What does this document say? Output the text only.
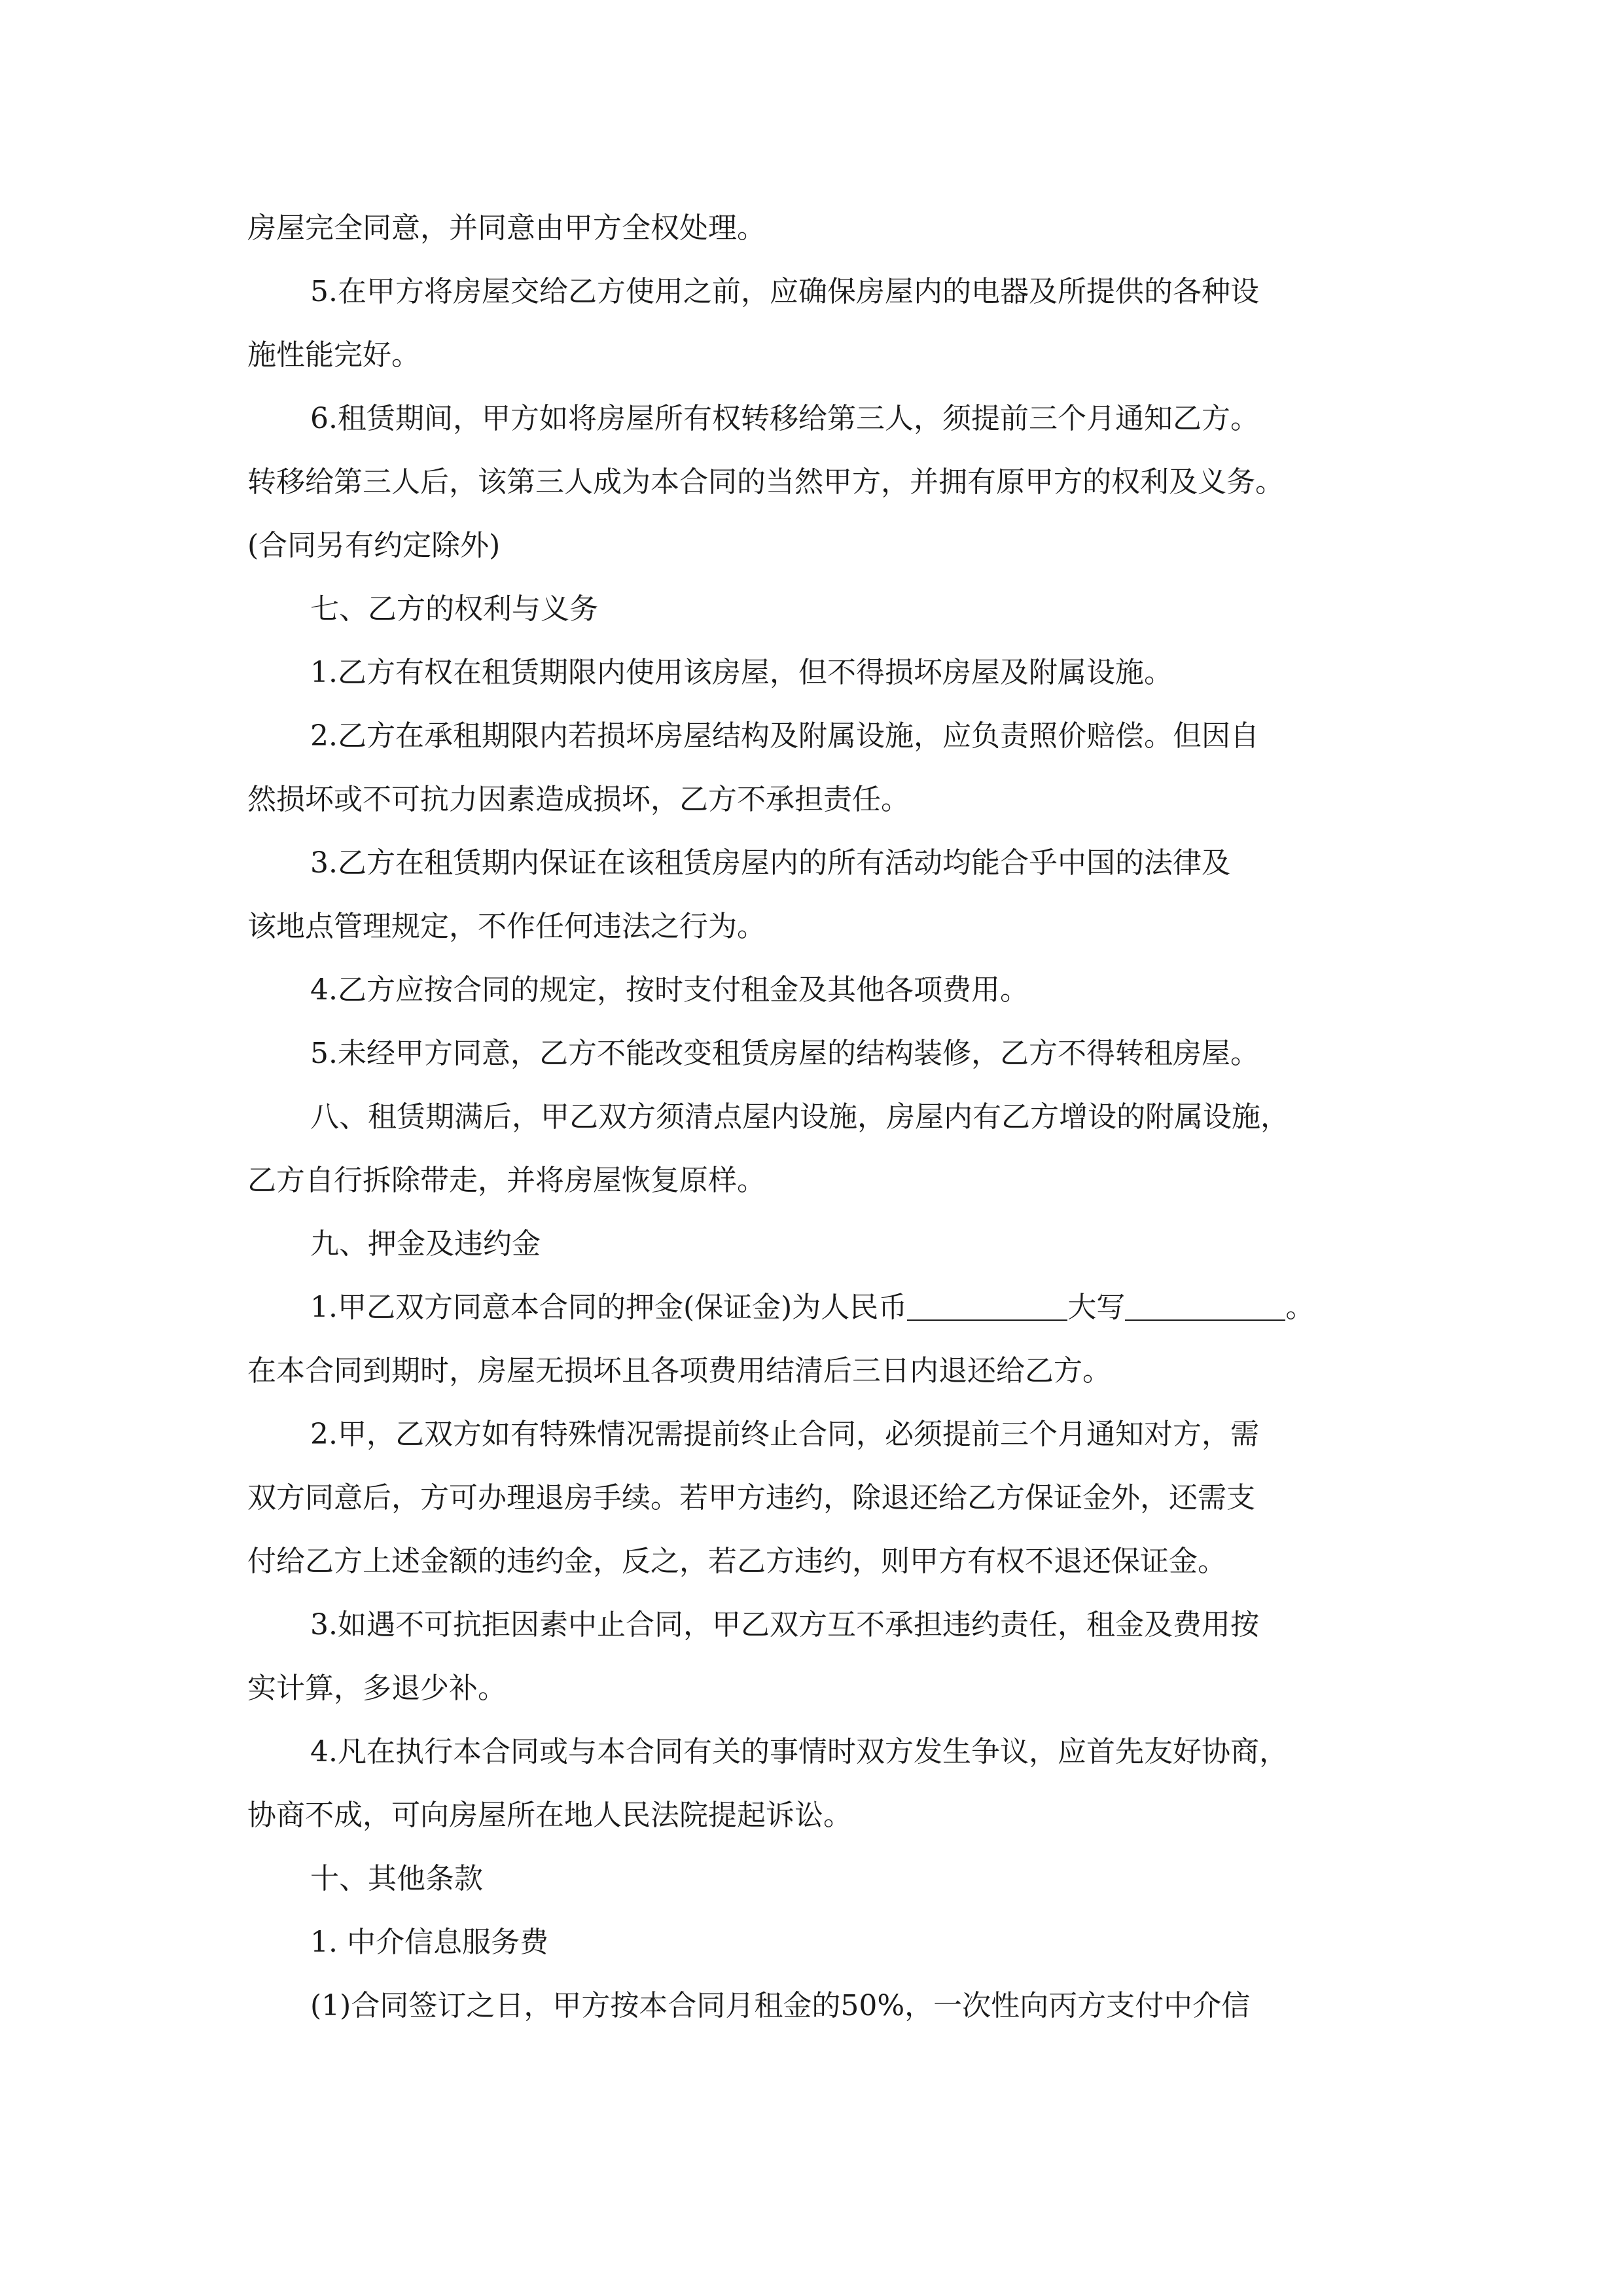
房屋完全同意，并同意由甲方全权处理。
5.在甲方将房屋交给乙方使用之前，应确保房屋内的电器及所提供的各种设
施性能完好。
6.租赁期间，甲方如将房屋所有权转移给第三人，须提前三个月通知乙方。
转移给第三人后，该第三人成为本合同的当然甲方，并拥有原甲方的权利及义务。
(合同另有约定除外)
七、乙方的权利与义务
1.乙方有权在租赁期限内使用该房屋，但不得损坏房屋及附属设施。
2.乙方在承租期限内若损坏房屋结构及附属设施，应负责照价赔偿。但因自
然损坏或不可抗力因素造成损坏，乙方不承担责任。
3.乙方在租赁期内保证在该租赁房屋内的所有活动均能合乎中国的法律及
该地点管理规定，不作任何违法之行为。
4.乙方应按合同的规定，按时支付租金及其他各项费用。
5.未经甲方同意，乙方不能改变租赁房屋的结构装修，乙方不得转租房屋。
八、租赁期满后，甲乙双方须清点屋内设施，房屋内有乙方增设的附属设施，
乙方自行拆除带走，并将房屋恢复原样。
九、押金及违约金
1.甲乙双方同意本合同的押金(保证金)为人民币	大写	。
在本合同到期时，房屋无损坏且各项费用结清后三日内退还给乙方。
2.甲，乙双方如有特殊情况需提前终止合同，必须提前三个月通知对方，需
双方同意后，方可办理退房手续。若甲方违约，除退还给乙方保证金外，还需支
付给乙方上述金额的违约金，反之，若乙方违约，则甲方有权不退还保证金。
3.如遇不可抗拒因素中止合同，甲乙双方互不承担违约责任，租金及费用按
实计算，多退少补。
4.凡在执行本合同或与本合同有关的事情时双方发生争议，应首先友好协商，
协商不成，可向房屋所在地人民法院提起诉讼。
十、其他条款
1. 中介信息服务费
(1)合同签订之日，甲方按本合同月租金的50%，一次性向丙方支付中介信
